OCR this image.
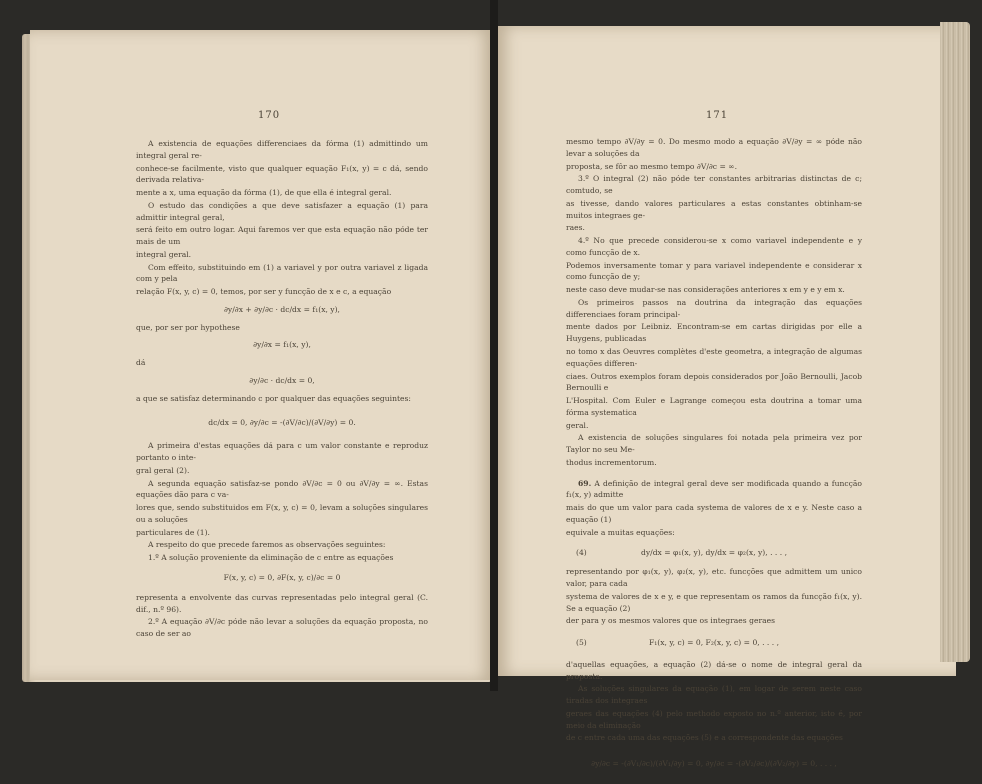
170

A existencia de equações differenciaes da fórma (1) admittindo um integral geral re-

conhece-se facilmente, visto que qualquer equação F₁(x, y) = c dá, sendo derivada relativa-

mente a x, uma equação da fórma (1), de que ella é integral geral.

O estudo das condições a que deve satisfazer a equação (1) para admittir integral geral,

será feito em outro logar. Aqui faremos ver que esta equação não póde ter mais de um

integral geral.

Com effeito, substituindo em (1) a variavel y por outra variavel z ligada com y pela

relação F(x, y, c) = 0, temos, por ser y funcção de x e c, a equação

∂y/∂x + ∂y/∂c · dc/dx = f₁(x, y),

que, por ser por hypothese

∂y/∂x = f₁(x, y),

dá

∂y/∂c · dc/dx = 0,

a que se satisfaz determinando c por qualquer das equações seguintes:

dc/dx = 0, ∂y/∂c = -(∂V/∂c)/(∂V/∂y) = 0.

A primeira d'estas equações dá para c um valor constante e reproduz portanto o inte-

gral geral (2).

A segunda equação satisfaz-se pondo ∂V/∂c = 0 ou ∂V/∂y = ∞. Estas equações dão para c va-

lores que, sendo substituidos em F(x, y, c) = 0, levam a soluções singulares ou a soluções

particulares de (1).

A respeito do que precede faremos as observações seguintes:

1.º A solução proveniente da eliminação de c entre as equações

F(x, y, c) = 0, ∂F(x, y, c)/∂c = 0

representa a envolvente das curvas representadas pelo integral geral (C. dif., n.º 96).

2.º A equação ∂V/∂c póde não levar a soluções da equação proposta, no caso de ser ao

171

mesmo tempo ∂V/∂y = 0. Do mesmo modo a equação ∂V/∂y = ∞ póde não levar a soluções da

proposta, se fôr ao mesmo tempo ∂V/∂c = ∞.

3.º O integral (2) não póde ter constantes arbitrarias distinctas de c; comtudo, se

as tivesse, dando valores particulares a estas constantes obtinham-se muitos integraes ge-

raes.

4.º No que precede considerou-se x como variavel independente e y como funcção de x.

Podemos inversamente tomar y para variavel independente e considerar x como funcção de y;

neste caso deve mudar-se nas considerações anteriores x em y e y em x.

Os primeiros passos na doutrina da integração das equações differenciaes foram principal-

mente dados por Leibniz. Encontram-se em cartas dirigidas por elle a Huygens, publicadas

no tomo x das Oeuvres complètes d'este geometra, a integração de algumas equações differen-

ciaes. Outros exemplos foram depois considerados por João Bernoulli, Jacob Bernoulli e

L'Hospital. Com Euler e Lagrange começou esta doutrina a tomar uma fórma systematica

geral.

A existencia de soluções singulares foi notada pela primeira vez por Taylor no seu Me-

thodus incrementorum.

69. A definição de integral geral deve ser modificada quando a funcção f₁(x, y) admitte

mais do que um valor para cada systema de valores de x e y. Neste caso a equação (1)

equivale a muitas equações:

(4)	dy/dx = φ₁(x, y), dy/dx = φ₂(x, y), . . . ,

representando por φ₁(x, y), φ₂(x, y), etc. funcções que admittem um unico valor, para cada

systema de valores de x e y, e que representam os ramos da funcção f₁(x, y). Se a equação (2)

der para y os mesmos valores que os integraes geraes

(5)	F₁(x, y, c) = 0, F₂(x, y, c) = 0, . . . ,

d'aquellas equações, a equação (2) dá-se o nome de integral geral da proposta.

As soluções singulares da equação (1), em logar de serem neste caso tiradas dos integraes

geraes das equações (4) pelo methodo exposto no n.º anterior, isto é, por meio da eliminação

de c entre cada uma das equações (5) e a correspondente das equações

∂y/∂c = -(∂V₁/∂c)/(∂V₁/∂y) = 0, ∂y/∂c = -(∂V₂/∂c)/(∂V₂/∂y) = 0, . . . ,
